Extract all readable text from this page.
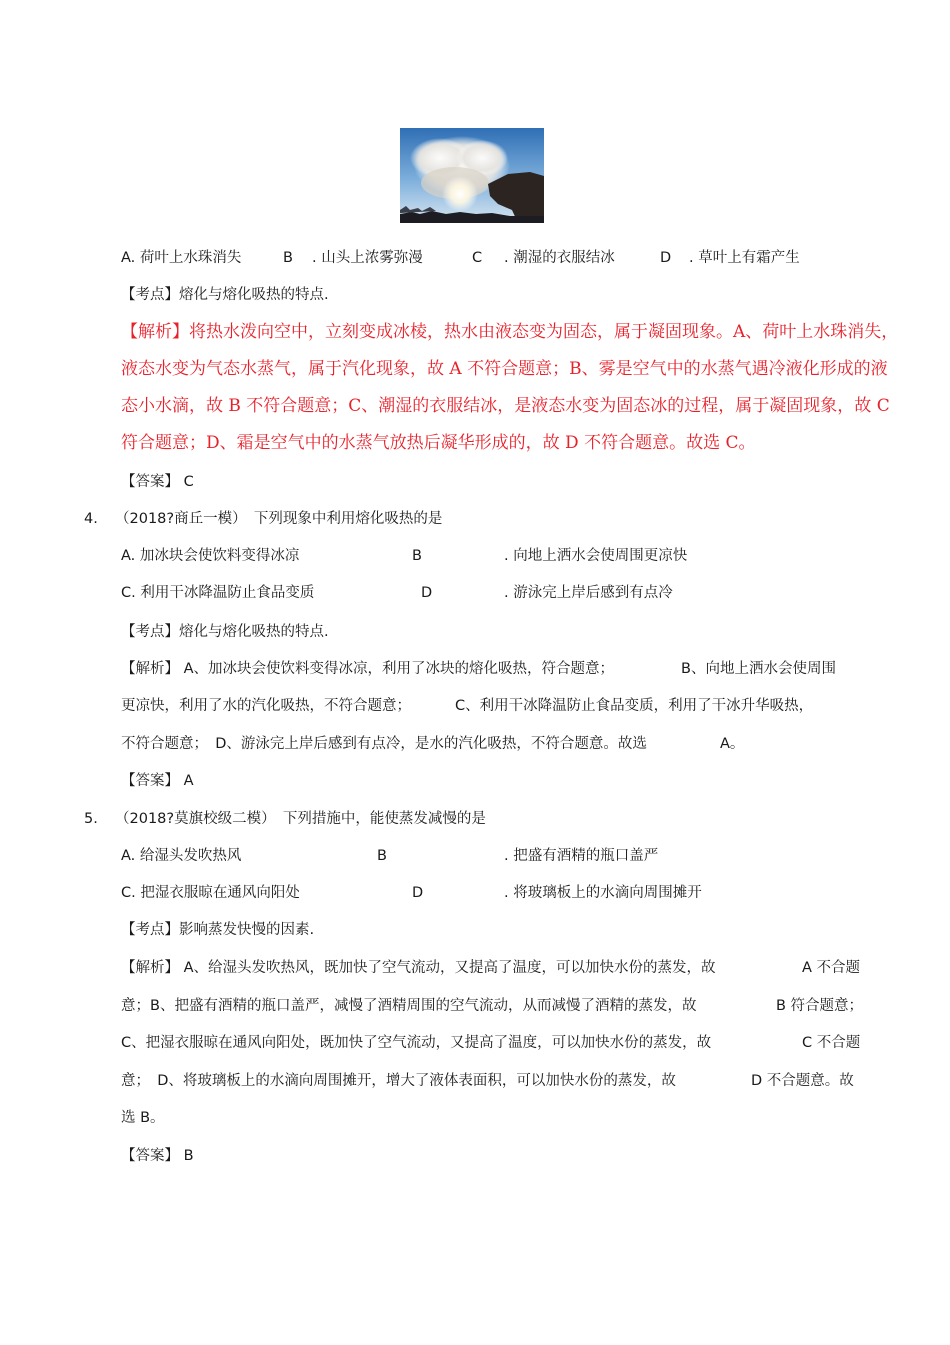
A. 荷叶上水珠消失	B . 山头上浓雾弥漫	C . 潮湿的衣服结冰	D . 草叶上有霜产生
【考点】熔化与熔化吸热的特点.
【解析】将热水泼向空中，立刻变成冰棱，热水由液态变为固态，属于凝固现象。A、荷叶上水珠消失，
液态水变为气态水蒸气，属于汽化现象，故 A 不符合题意；B、雾是空气中的水蒸气遇冷液化形成的液
态小水滴，故 B 不符合题意；C、潮湿的衣服结冰，是液态水变为固态冰的过程，属于凝固现象，故 C
符合题意；D、霜是空气中的水蒸气放热后凝华形成的，故 D 不符合题意。故选 C。
【答案】 C
4. （2018?商丘一模）　下列现象中利用熔化吸热的是
A. 加冰块会使饮料变得冰凉	B	. 向地上洒水会使周围更凉快
C. 利用干冰降温防止食品变质	D	. 游泳完上岸后感到有点冷
【考点】熔化与熔化吸热的特点.
【解析】 A、加冰块会使饮料变得冰凉，利用了冰块的熔化吸热，符合题意；	B、向地上洒水会使周围
更凉快，利用了水的汽化吸热，不符合题意；	C、利用干冰降温防止食品变质，利用了干冰升华吸热，
不符合题意；　D、游泳完上岸后感到有点冷，是水的汽化吸热，不符合题意。故选	A。
【答案】 A
5. （2018?莫旗校级二模）　下列措施中，能使蒸发减慢的是
A. 给湿头发吹热风	B	. 把盛有酒精的瓶口盖严
C. 把湿衣服晾在通风向阳处	D	. 将玻璃板上的水滴向周围摊开
【考点】影响蒸发快慢的因素.
【解析】 A、给湿头发吹热风，既加快了空气流动，又提高了温度，可以加快水份的蒸发，故	A 不合题
意；B、把盛有酒精的瓶口盖严，减慢了酒精周围的空气流动，从而减慢了酒精的蒸发，故	B 符合题意；
C、把湿衣服晾在通风向阳处，既加快了空气流动，又提高了温度，可以加快水份的蒸发，故	C 不合题
意；　D、将玻璃板上的水滴向周围摊开，增大了液体表面积，可以加快水份的蒸发，故	D 不合题意。故
选 B。
【答案】 B
